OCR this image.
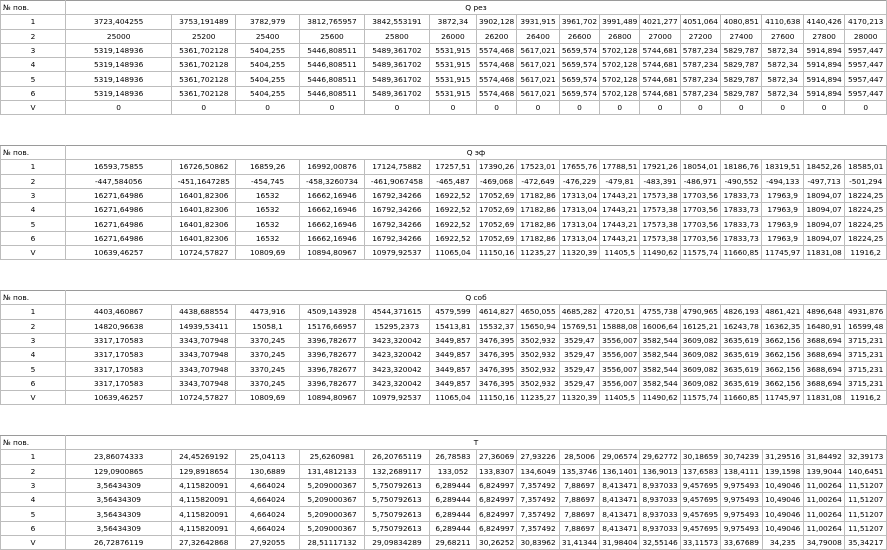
№ пов.	Q рез															
1	3723,404255	3753,191489	3782,979	3812,765957	3842,553191	3872,34	3902,128	3931,915	3961,702	3991,489	4021,277	4051,064	4080,851	4110,638	4140,426	4170,213
2	25000	25200	25400	25600	25800	26000	26200	26400	26600	26800	27000	27200	27400	27600	27800	28000
3	5319,148936	5361,702128	5404,255	5446,808511	5489,361702	5531,915	5574,468	5617,021	5659,574	5702,128	5744,681	5787,234	5829,787	5872,34	5914,894	5957,447
4	5319,148936	5361,702128	5404,255	5446,808511	5489,361702	5531,915	5574,468	5617,021	5659,574	5702,128	5744,681	5787,234	5829,787	5872,34	5914,894	5957,447
5	5319,148936	5361,702128	5404,255	5446,808511	5489,361702	5531,915	5574,468	5617,021	5659,574	5702,128	5744,681	5787,234	5829,787	5872,34	5914,894	5957,447
6	5319,148936	5361,702128	5404,255	5446,808511	5489,361702	5531,915	5574,468	5617,021	5659,574	5702,128	5744,681	5787,234	5829,787	5872,34	5914,894	5957,447
V	0	0	0	0	0	0	0	0	0	0	0	0	0	0	0	0
№ пов.	Q эф															
1	16593,75855	16726,50862	16859,26	16992,00876	17124,75882	17257,51	17390,26	17523,01	17655,76	17788,51	17921,26	18054,01	18186,76	18319,51	18452,26	18585,01
2	-447,584056	-451,1647285	-454,745	-458,3260734	-461,9067458	-465,487	-469,068	-472,649	-476,229	-479,81	-483,391	-486,971	-490,552	-494,133	-497,713	-501,294
3	16271,64986	16401,82306	16532	16662,16946	16792,34266	16922,52	17052,69	17182,86	17313,04	17443,21	17573,38	17703,56	17833,73	17963,9	18094,07	18224,25
4	16271,64986	16401,82306	16532	16662,16946	16792,34266	16922,52	17052,69	17182,86	17313,04	17443,21	17573,38	17703,56	17833,73	17963,9	18094,07	18224,25
5	16271,64986	16401,82306	16532	16662,16946	16792,34266	16922,52	17052,69	17182,86	17313,04	17443,21	17573,38	17703,56	17833,73	17963,9	18094,07	18224,25
6	16271,64986	16401,82306	16532	16662,16946	16792,34266	16922,52	17052,69	17182,86	17313,04	17443,21	17573,38	17703,56	17833,73	17963,9	18094,07	18224,25
V	10639,46257	10724,57827	10809,69	10894,80967	10979,92537	11065,04	11150,16	11235,27	11320,39	11405,5	11490,62	11575,74	11660,85	11745,97	11831,08	11916,2
№ пов.	Q соб															
1	4403,460867	4438,688554	4473,916	4509,143928	4544,371615	4579,599	4614,827	4650,055	4685,282	4720,51	4755,738	4790,965	4826,193	4861,421	4896,648	4931,876
2	14820,96638	14939,53411	15058,1	15176,66957	15295,2373	15413,81	15532,37	15650,94	15769,51	15888,08	16006,64	16125,21	16243,78	16362,35	16480,91	16599,48
3	3317,170583	3343,707948	3370,245	3396,782677	3423,320042	3449,857	3476,395	3502,932	3529,47	3556,007	3582,544	3609,082	3635,619	3662,156	3688,694	3715,231
4	3317,170583	3343,707948	3370,245	3396,782677	3423,320042	3449,857	3476,395	3502,932	3529,47	3556,007	3582,544	3609,082	3635,619	3662,156	3688,694	3715,231
5	3317,170583	3343,707948	3370,245	3396,782677	3423,320042	3449,857	3476,395	3502,932	3529,47	3556,007	3582,544	3609,082	3635,619	3662,156	3688,694	3715,231
6	3317,170583	3343,707948	3370,245	3396,782677	3423,320042	3449,857	3476,395	3502,932	3529,47	3556,007	3582,544	3609,082	3635,619	3662,156	3688,694	3715,231
V	10639,46257	10724,57827	10809,69	10894,80967	10979,92537	11065,04	11150,16	11235,27	11320,39	11405,5	11490,62	11575,74	11660,85	11745,97	11831,08	11916,2
№ пов.	T															
1	23,86074333	24,45269192	25,04113	25,6260981	26,20765119	26,78583	27,36069	27,93226	28,5006	29,06574	29,62772	30,18659	30,74239	31,29516	31,84492	32,39173
2	129,0900865	129,8918654	130,6889	131,4812133	132,2689117	133,052	133,8307	134,6049	135,3746	136,1401	136,9013	137,6583	138,4111	139,1598	139,9044	140,6451
3	3,56434309	4,115820091	4,664024	5,209000367	5,750792613	6,289444	6,824997	7,357492	7,88697	8,413471	8,937033	9,457695	9,975493	10,49046	11,00264	11,51207
4	3,56434309	4,115820091	4,664024	5,209000367	5,750792613	6,289444	6,824997	7,357492	7,88697	8,413471	8,937033	9,457695	9,975493	10,49046	11,00264	11,51207
5	3,56434309	4,115820091	4,664024	5,209000367	5,750792613	6,289444	6,824997	7,357492	7,88697	8,413471	8,937033	9,457695	9,975493	10,49046	11,00264	11,51207
6	3,56434309	4,115820091	4,664024	5,209000367	5,750792613	6,289444	6,824997	7,357492	7,88697	8,413471	8,937033	9,457695	9,975493	10,49046	11,00264	11,51207
V	26,72876119	27,32642868	27,92055	28,51117132	29,09834289	29,68211	30,26252	30,83962	31,41344	31,98404	32,55146	33,11573	33,67689	34,235	34,79008	35,34217
